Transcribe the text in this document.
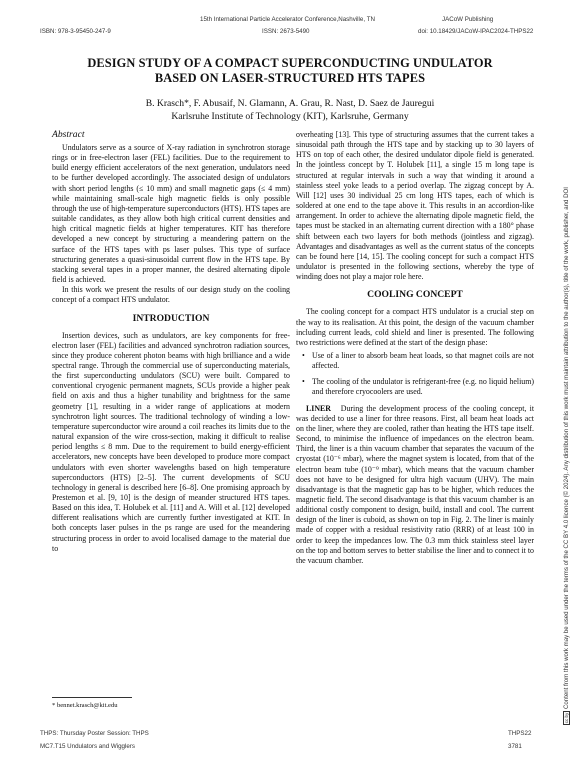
15th International Particle Accelerator Conference,Nashville, TN	JACoW Publishing
ISBN: 978-3-95450-247-9	ISSN: 2673-5490	doi: 10.18429/JACoW-IPAC2024-THPS22
DESIGN STUDY OF A COMPACT SUPERCONDUCTING UNDULATOR
BASED ON LASER-STRUCTURED HTS TAPES
B. Krasch*, F. Abusaif, N. Glamann, A. Grau, R. Nast, D. Saez de Jauregui
Karlsruhe Institute of Technology (KIT), Karlsruhe, Germany
Abstract

Undulators serve as a source of X-ray radiation in synchrotron storage rings or in free-electron laser (FEL) facilities. Due to the requirement to build energy efficient accelerators of the next generation, undulators need to be further developed accordingly. The associated design of undulators with short period lengths (≤ 10 mm) and small magnetic gaps (≤ 4 mm) while maintaining small-scale high magnetic fields is only possible through the use of high-temperature superconductors (HTS). HTS tapes are suitable candidates, as they allow both high critical current densities and high critical magnetic fields at higher temperatures. KIT has therefore developed a new concept by structuring a meandering pattern on the surface of the HTS tapes with ps laser pulses. This type of surface structuring generates a quasi-sinusoidal current flow in the HTS tape. By stacking several tapes in a proper manner, the desired alternating dipole field is achieved.

In this work we present the results of our design study on the cooling concept of a compact HTS undulator.

INTRODUCTION

Insertion devices, such as undulators, are key components for free-electron laser (FEL) facilities and advanced synchrotron radiation sources, since they produce coherent photon beams with high brilliance and a wide spectral range. Through the commercial use of superconducting materials, the first superconducting undulators (SCU) were built. Compared to conventional cryogenic permanent magnets, SCUs provide a higher peak field on axis and thus a higher tunability and brightness for the same geometry [1], resulting in a wider range of applications at modern synchrotron light sources. The traditional technology of winding a low-temperature superconductor wire around a coil reaches its limits due to the natural expansion of the wire cross-section, making it difficult to realise period lengths ≤ 8 mm. Due to the requirement to build energy-efficient accelerators, new concepts have been developed to produce more compact undulators with even shorter wavelengths based on high temperature superconductors (HTS) [2–5]. The current developments of SCU technology in general is described here [6–8]. One promising approach by Prestemon et al. [9, 10] is the design of meander structured HTS tapes. Based on this idea, T. Holubek et al. [11] and A. Will et al. [12] developed different realisations which are currently further investigated at KIT. In both concepts laser pulses in the ps range are used for the meandering structuring process in order to avoid localised damage to the material due to

* bennet.krasch@kit.edu

overheating [13]. This type of structuring assumes that the current takes a sinusoidal path through the HTS tape and by stacking up to 30 layers of HTS on top of each other, the desired undulator dipole field is generated. In the jointless concept by T. Holubek [11], a single 15 m long tape is structured at regular intervals in such a way that winding it around a stainless steel yoke leads to a period overlap. The zigzag concept by A. Will [12] uses 30 individual 25 cm long HTS tapes, each of which is soldered at one end to the tape above it. This results in an accordion-like arrangement. In order to achieve the alternating dipole magnetic field, the tapes must be stacked in an alternating current direction with a 180° phase shift between each two layers for both methods (jointless and zigzag). Advantages and disadvantages as well as the current status of the concepts can be found here [14, 15]. The cooling concept for such a compact HTS undulator is presented in the following sections, whereby the type of winding does not play a major role here.

COOLING CONCEPT

The cooling concept for a compact HTS undulator is a crucial step on the way to its realisation. At this point, the design of the vacuum chamber including current leads, cold shield and liner is presented. The following two restrictions were defined at the start of the design phase:

• Use of a liner to absorb beam heat loads, so that magnet coils are not affected.
• The cooling of the undulator is refrigerant-free (e.g. no liquid helium) and therefore cryocoolers are used.

LINER During the development process of the cooling concept, it was decided to use a liner for three reasons. First, all beam heat loads act on the liner, where they are cooled, rather than heating the HTS tape itself. Second, to minimise the influence of impedances on the electron beam. Third, the liner is a thin vacuum chamber that separates the vacuum of the cryostat (10⁻⁶ mbar), where the magnet system is located, from that of the electron beam tube (10⁻⁹ mbar), which means that the vacuum chamber does not have to be designed for ultra high vacuum (UHV). The main disadvantage is that the magnetic gap has to be higher, which reduces the magnetic field. The second disadvantage is that this vacuum chamber is an additional costly component to design, build, install and cool. The current design of the liner is cuboid, as shown on top in Fig. 2. The liner is mainly made of copper with a residual resistivity ratio (RRR) of at least 100 in order to keep the impedances low. The 0.3 mm thick stainless steel layer on the top and bottom serves to better stabilise the liner and to connect it to the vacuum chamber.

THPS: Thursday Poster Session: THPS	THPS22
MC7.T15 Undulators and Wigglers	3781
cc byContent from this work may be used under the terms of the CC BY 4.0 licence (© 2024). Any distribution of this work must maintain attribution to the author(s), title of the work, publisher, and DOI
